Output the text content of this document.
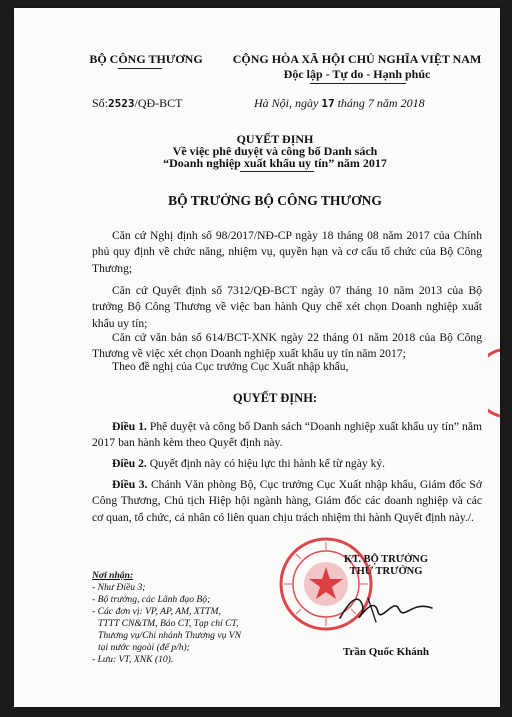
BỘ CÔNG THƯƠNG	CỘNG HÒA XÃ HỘI CHỦ NGHĨA VIỆT NAM
Độc lập - Tự do - Hạnh phúc
Số:2523/QĐ-BCT	Hà Nội, ngày 17 tháng 7 năm 2018
QUYẾT ĐỊNH
Về việc phê duyệt và công bố Danh sách
“Doanh nghiệp xuất khẩu uy tín” năm 2017
BỘ TRƯỞNG BỘ CÔNG THƯƠNG

Căn cứ Nghị định số 98/2017/NĐ-CP ngày 18 tháng 08 năm 2017 của Chính phủ quy định về chức năng, nhiệm vụ, quyền hạn và cơ cấu tổ chức của Bộ Công Thương;

Căn cứ Quyết định số 7312/QĐ-BCT ngày 07 tháng 10 năm 2013 của Bộ trưởng Bộ Công Thương về việc ban hành Quy chế xét chọn Doanh nghiệp xuất khẩu uy tín;

Căn cứ văn bản số 614/BCT-XNK ngày 22 tháng 01 năm 2018 của Bộ Công Thương về việc xét chọn Doanh nghiệp xuất khẩu uy tín năm 2017;

Theo đề nghị của Cục trưởng Cục Xuất nhập khẩu,

QUYẾT ĐỊNH:

Điều 1. Phê duyệt và công bố Danh sách “Doanh nghiệp xuất khẩu uy tín” năm 2017 ban hành kèm theo Quyết định này.

Điều 2. Quyết định này có hiệu lực thi hành kể từ ngày ký.

Điều 3. Chánh Văn phòng Bộ, Cục trưởng Cục Xuất nhập khẩu, Giám đốc Sở Công Thương, Chủ tịch Hiệp hội ngành hàng, Giám đốc các doanh nghiệp và các cơ quan, tổ chức, cá nhân có liên quan chịu trách nhiệm thi hành Quyết định này./.

Nơi nhận:
- Như Điều 3;
- Bộ trưởng, các Lãnh đạo Bộ;
- Các đơn vị: VP, AP, AM, XTTM,
TTTT CN&TM, Báo CT, Tạp chí CT,
Thương vụ/Chi nhánh Thương vụ VN
tại nước ngoài (để p/h);
- Lưu: VT, XNK (10).
KT. BỘ TRƯỞNG
THỨ TRƯỞNG
Trần Quốc Khánh
